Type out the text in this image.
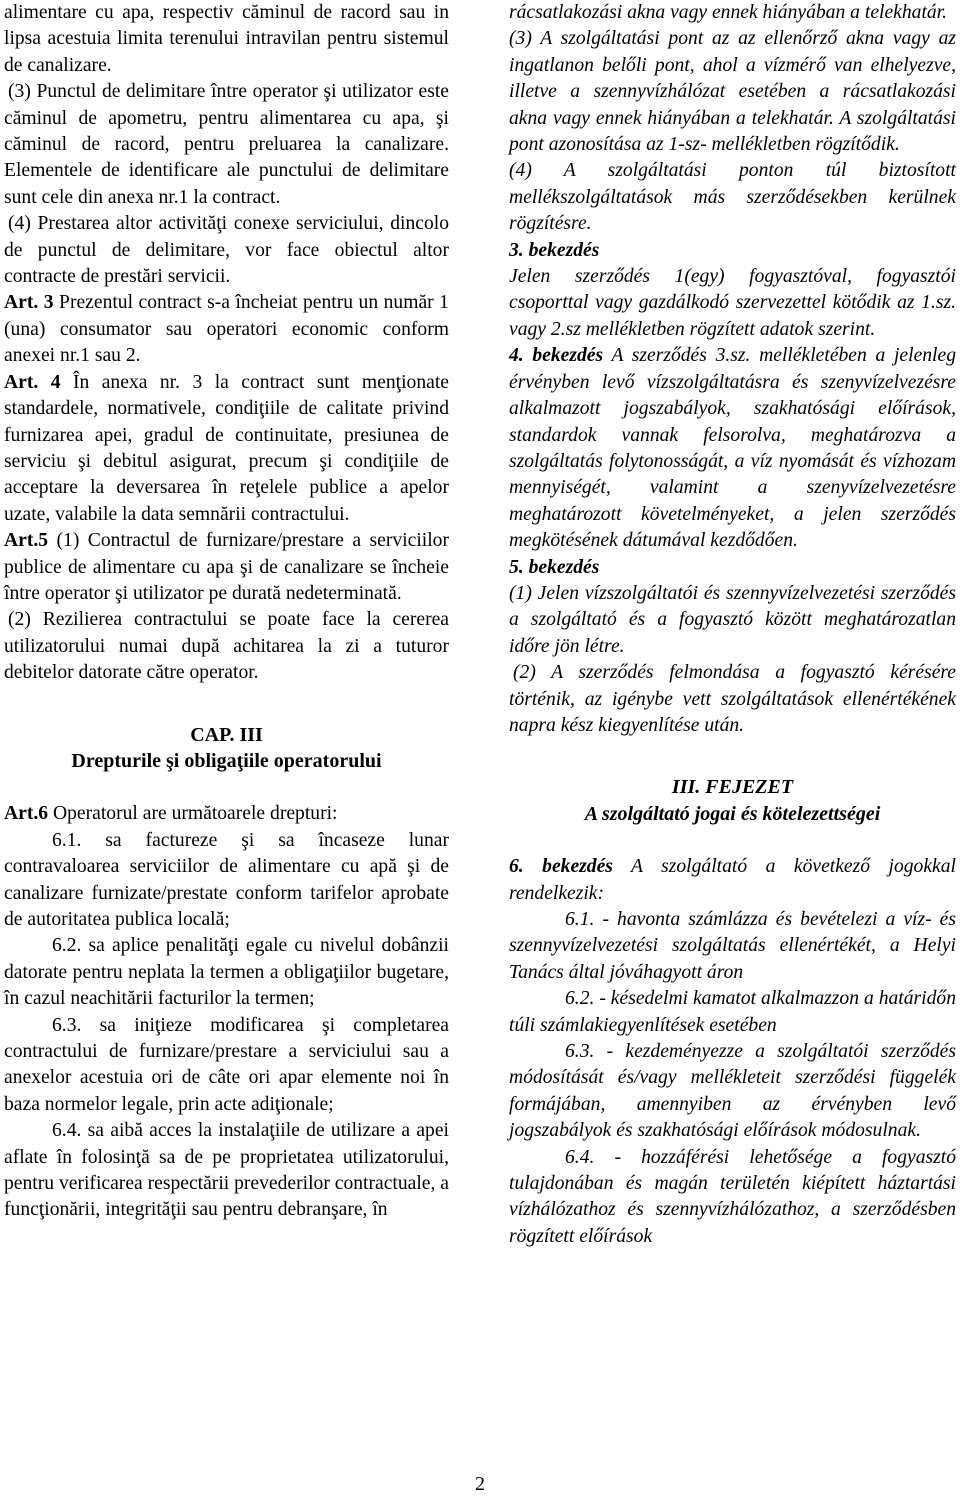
alimentare cu apa, respectiv căminul de racord sau in lipsa acestuia limita terenului intravilan pentru sistemul de canalizare.

(3) Punctul de delimitare între operator şi utilizator este căminul de apometru, pentru alimentarea cu apa, şi căminul de racord, pentru preluarea la canalizare. Elementele de identificare ale punctului de delimitare sunt cele din anexa nr.1 la contract.

(4) Prestarea altor activităţi conexe serviciului, dincolo de punctul de delimitare, vor face obiectul altor contracte de prestări servicii.

Art. 3 Prezentul contract s-a încheiat pentru un număr 1 (una) consumator sau operatori economic conform anexei nr.1 sau 2.

Art. 4 În anexa nr. 3 la contract sunt menţionate standardele, normativele, condiţiile de calitate privind furnizarea apei, gradul de continuitate, presiunea de serviciu şi debitul asigurat, precum şi condiţiile de acceptare la deversarea în reţelele publice a apelor uzate, valabile la data semnării contractului.

Art.5 (1) Contractul de furnizare/prestare a serviciilor publice de alimentare cu apa şi de canalizare se încheie între operator şi utilizator pe durată nedeterminată.

(2) Rezilierea contractului se poate face la cererea utilizatorului numai după achitarea la zi a tuturor debitelor datorate către operator.

CAP. III

Drepturile şi obligaţiile operatorului

Art.6 Operatorul are următoarele drepturi:

6.1. sa factureze şi sa încaseze lunar contravaloarea serviciilor de alimentare cu apă şi de canalizare furnizate/prestate conform tarifelor aprobate de autoritatea publica locală;

6.2. sa aplice penalităţi egale cu nivelul dobânzii datorate pentru neplata la termen a obligaţiilor bugetare, în cazul neachitării facturilor la termen;

6.3. sa iniţieze modificarea şi completarea contractului de furnizare/prestare a serviciului sau a anexelor acestuia ori de câte ori apar elemente noi în baza normelor legale, prin acte adiţionale;

6.4. sa aibă acces la instalaţiile de utilizare a apei aflate în folosinţă sa de pe proprietatea utilizatorului, pentru verificarea respectării prevederilor contractuale, a funcţionării, integrităţii sau pentru debranşare, în

rácsatlakozási akna vagy ennek hiányában a telekhatár.

(3) A szolgáltatási pont az az ellenőrző akna vagy az ingatlanon belőli pont, ahol a vízmérő van elhelyezve, illetve a szennyvízhálózat esetében a rácsatlakozási akna vagy ennek hiányában a telekhatár. A szolgáltatási pont azonosítása az 1-sz- mellékletben rögzítődik.

(4) A szolgáltatási ponton túl biztosított mellékszolgáltatások más szerződésekben kerülnek rögzítésre.

3. bekezdés

Jelen szerződés 1(egy) fogyasztóval, fogyasztói csoporttal vagy gazdálkodó szervezettel kötődik az 1.sz. vagy 2.sz mellékletben rögzített adatok szerint.

4. bekezdés A szerződés 3.sz. mellékletében a jelenleg érvényben levő vízszolgáltatásra és szenyvízelvezésre alkalmazott jogszabályok, szakhatósági előírások, standardok vannak felsorolva, meghatározva a szolgáltatás folytonosságát, a víz nyomását és vízhozam mennyiségét, valamint a szenyvízelvezetésre meghatározott követelményeket, a jelen szerződés megkötésének dátumával kezdődően.

5. bekezdés

(1) Jelen vízszolgáltatói és szennyvízelvezetési szerződés a szolgáltató és a fogyasztó között meghatározatlan időre jön létre.

(2) A szerződés felmondása a fogyasztó kérésére történik, az igénybe vett szolgáltatások ellenértékének napra kész kiegyenlítése után.

III. FEJEZET

A szolgáltató jogai és kötelezettségei

6. bekezdés A szolgáltató a következő jogokkal rendelkezik:

6.1. - havonta számlázza és bevételezi a víz- és szennyvízelvezetési szolgáltatás ellenértékét, a Helyi Tanács által jóváhagyott áron

6.2. - késedelmi kamatot alkalmazzon a határidőn túli számlakiegyenlítések esetében

6.3. - kezdeményezze a szolgáltatói szerződés módosítását és/vagy mellékleteit szerződési függelék formájában, amennyiben az érvényben levő jogszabályok és szakhatósági előírások módosulnak.

6.4. - hozzáférési lehetősége a fogyasztó tulajdonában és magán területén kiépített háztartási vízhálózathoz és szennyvízhálózathoz, a szerződésben rögzített előírások

2
